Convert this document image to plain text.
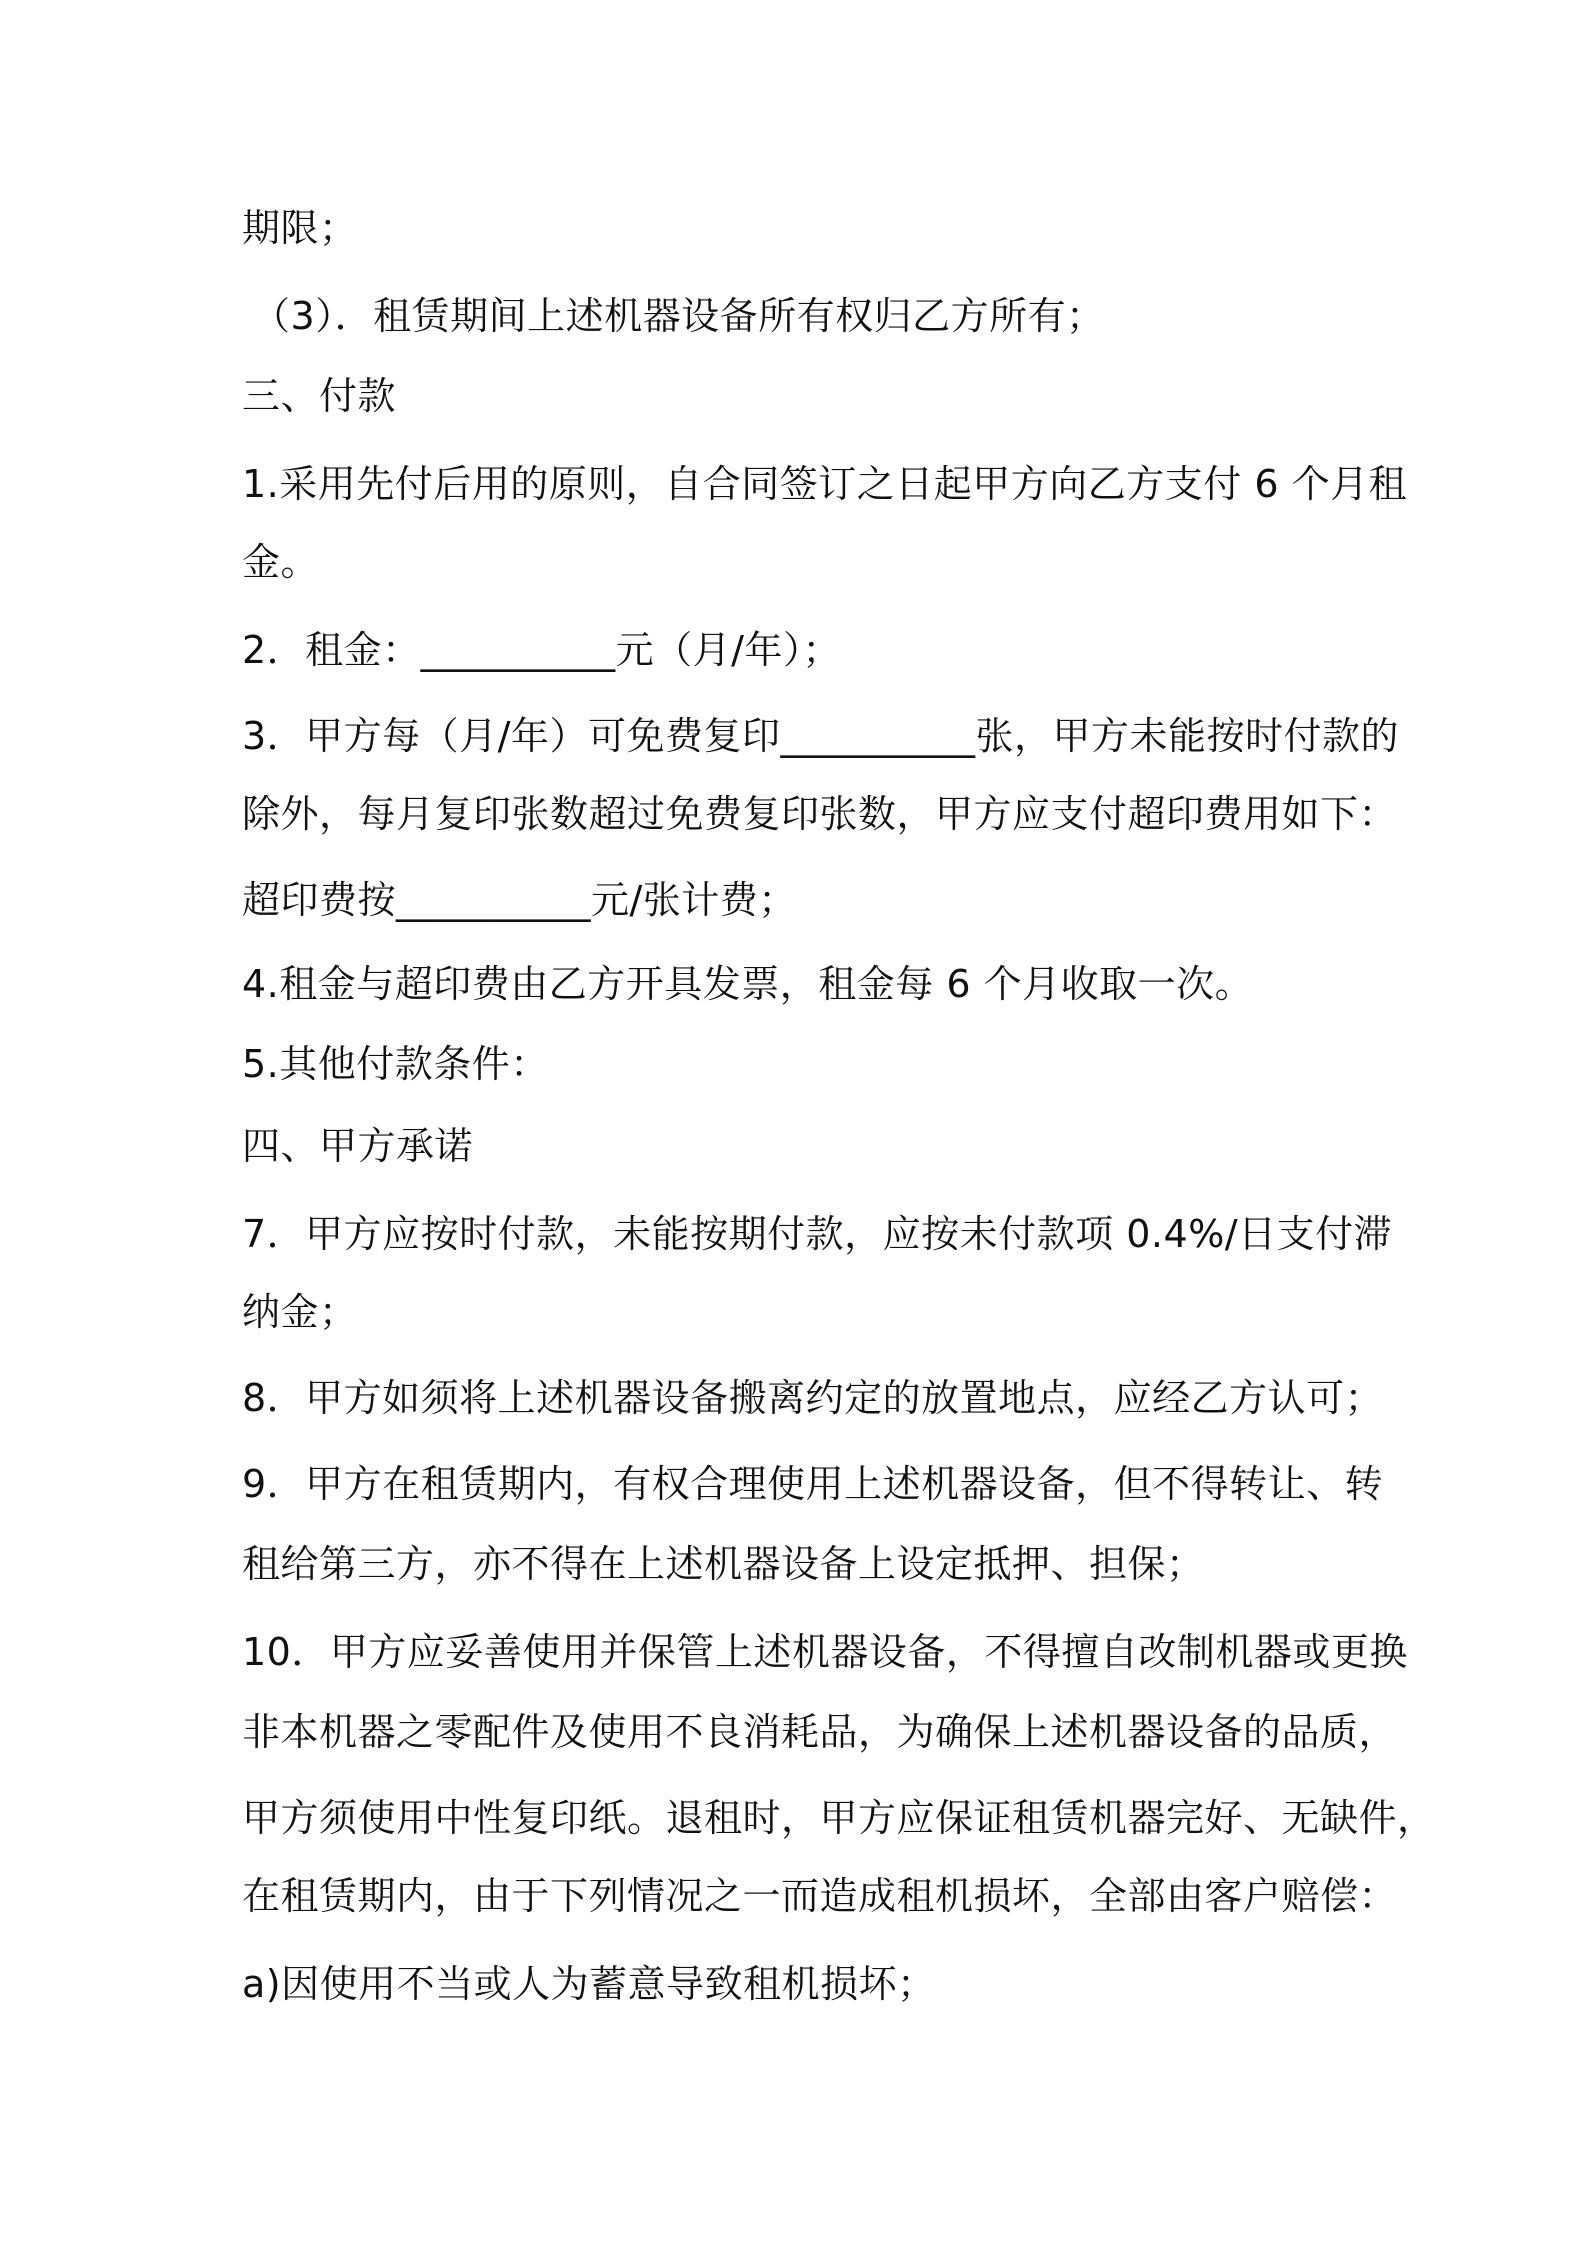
期限；
（3）．租赁期间上述机器设备所有权归乙方所有；
三、付款
1.采用先付后用的原则，自合同签订之日起甲方向乙方支付 6 个月租
金。
2．租金：__________元（月/年）；
3．甲方每（月/年）可免费复印__________张，甲方未能按时付款的
除外，每月复印张数超过免费复印张数，甲方应支付超印费用如下：
超印费按__________元/张计费；
4.租金与超印费由乙方开具发票，租金每 6 个月收取一次。
5.其他付款条件：
四、甲方承诺
7．甲方应按时付款，未能按期付款，应按未付款项 0.4%/日支付滞
纳金；
8．甲方如须将上述机器设备搬离约定的放置地点，应经乙方认可；
9．甲方在租赁期内，有权合理使用上述机器设备，但不得转让、转
租给第三方，亦不得在上述机器设备上设定抵押、担保；
10．甲方应妥善使用并保管上述机器设备，不得擅自改制机器或更换
非本机器之零配件及使用不良消耗品，为确保上述机器设备的品质，
甲方须使用中性复印纸。退租时，甲方应保证租赁机器完好、无缺件，
在租赁期内，由于下列情况之一而造成租机损坏，全部由客户赔偿：
a)因使用不当或人为蓄意导致租机损坏；
